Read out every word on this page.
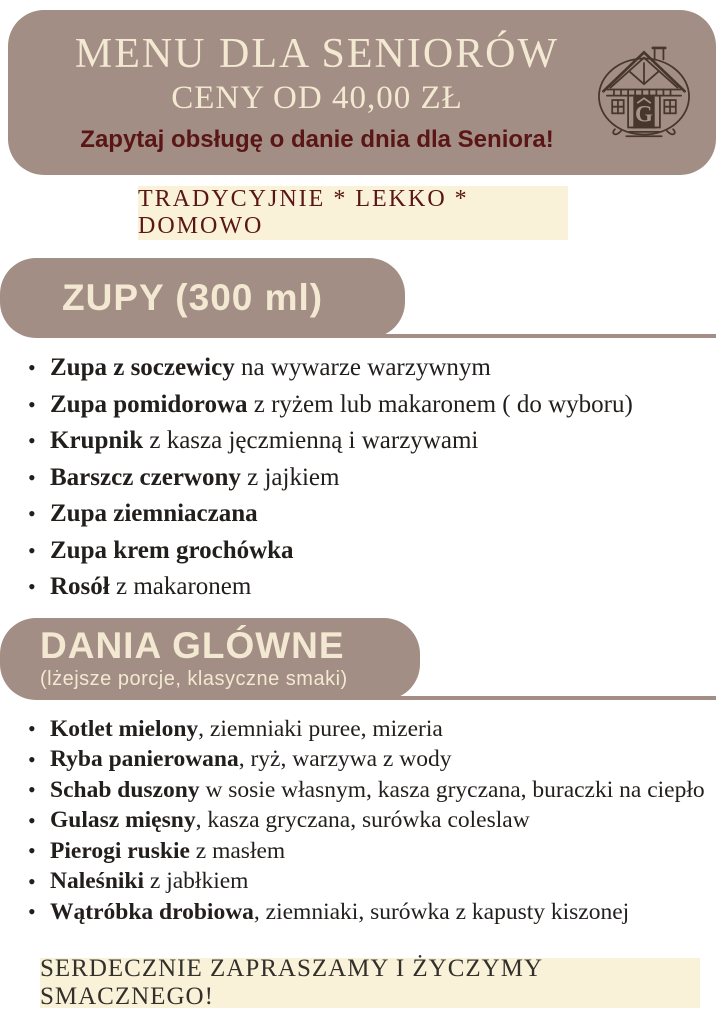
MENU DLA SENIORÓW
CENY OD 40,00 ZŁ
Zapytaj obsługę o danie dnia dla Seniora!
G
TRADYCYJNIE * LEKKO * DOMOWO
ZUPY (300 ml)
• Zupa z soczewicy na wywarze warzywnym
• Zupa pomidorowa z ryżem lub makaronem ( do wyboru)
• Krupnik z kasza jęczmienną i warzywami
• Barszcz czerwony z jajkiem
• Zupa ziemniaczana
• Zupa krem grochówka
• Rosół z makaronem
DANIA GLÓWNE
(lżejsze porcje, klasyczne smaki)
• Kotlet mielony, ziemniaki puree, mizeria
• Ryba panierowana, ryż, warzywa z wody
• Schab duszony w sosie własnym, kasza gryczana, buraczki na ciepło
• Gulasz mięsny, kasza gryczana, surówka coleslaw
• Pierogi ruskie z masłem
• Naleśniki z jabłkiem
• Wątróbka drobiowa, ziemniaki, surówka z kapusty kiszonej
SERDECZNIE ZAPRASZAMY I ŻYCZYMY SMACZNEGO!
